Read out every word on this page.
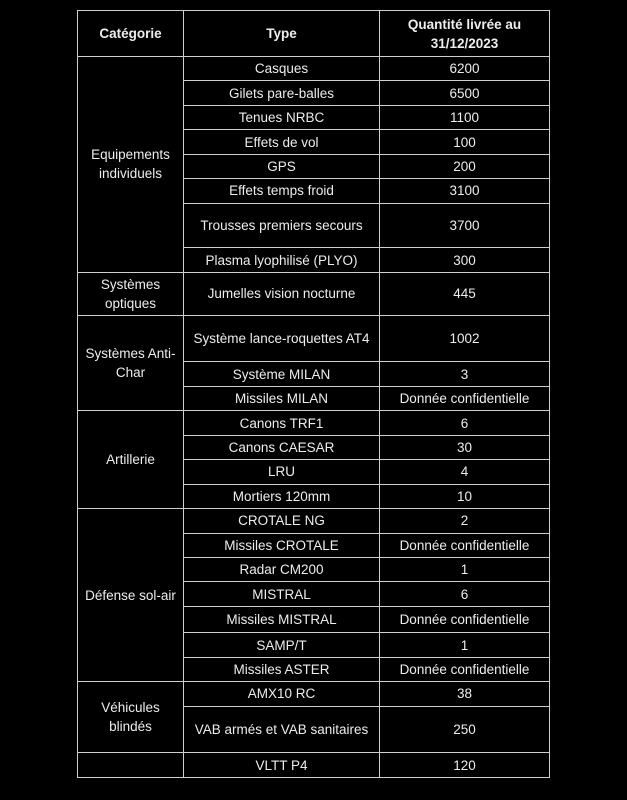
Catégorie	Type	Quantité livrée au 31/12/2023
Equipements individuels	Casques	6200
	Gilets pare-balles	6500
	Tenues NRBC	1100
	Effets de vol	100
	GPS	200
	Effets temps froid	3100
	Trousses premiers secours	3700
	Plasma lyophilisé (PLYO)	300
Systèmes optiques	Jumelles vision nocturne	445
Systèmes Anti-Char	Système lance-roquettes AT4	1002
	Système MILAN	3
	Missiles MILAN	Donnée confidentielle
Artillerie	Canons TRF1	6
	Canons CAESAR	30
	LRU	4
	Mortiers 120mm	10
Défense sol-air	CROTALE NG	2
	Missiles CROTALE	Donnée confidentielle
	Radar CM200	1
	MISTRAL	6
	Missiles MISTRAL	Donnée confidentielle
	SAMP/T	1
	Missiles ASTER	Donnée confidentielle
Véhicules blindés	AMX10 RC	38
	VAB armés et VAB sanitaires	250
	VLTT P4	120
